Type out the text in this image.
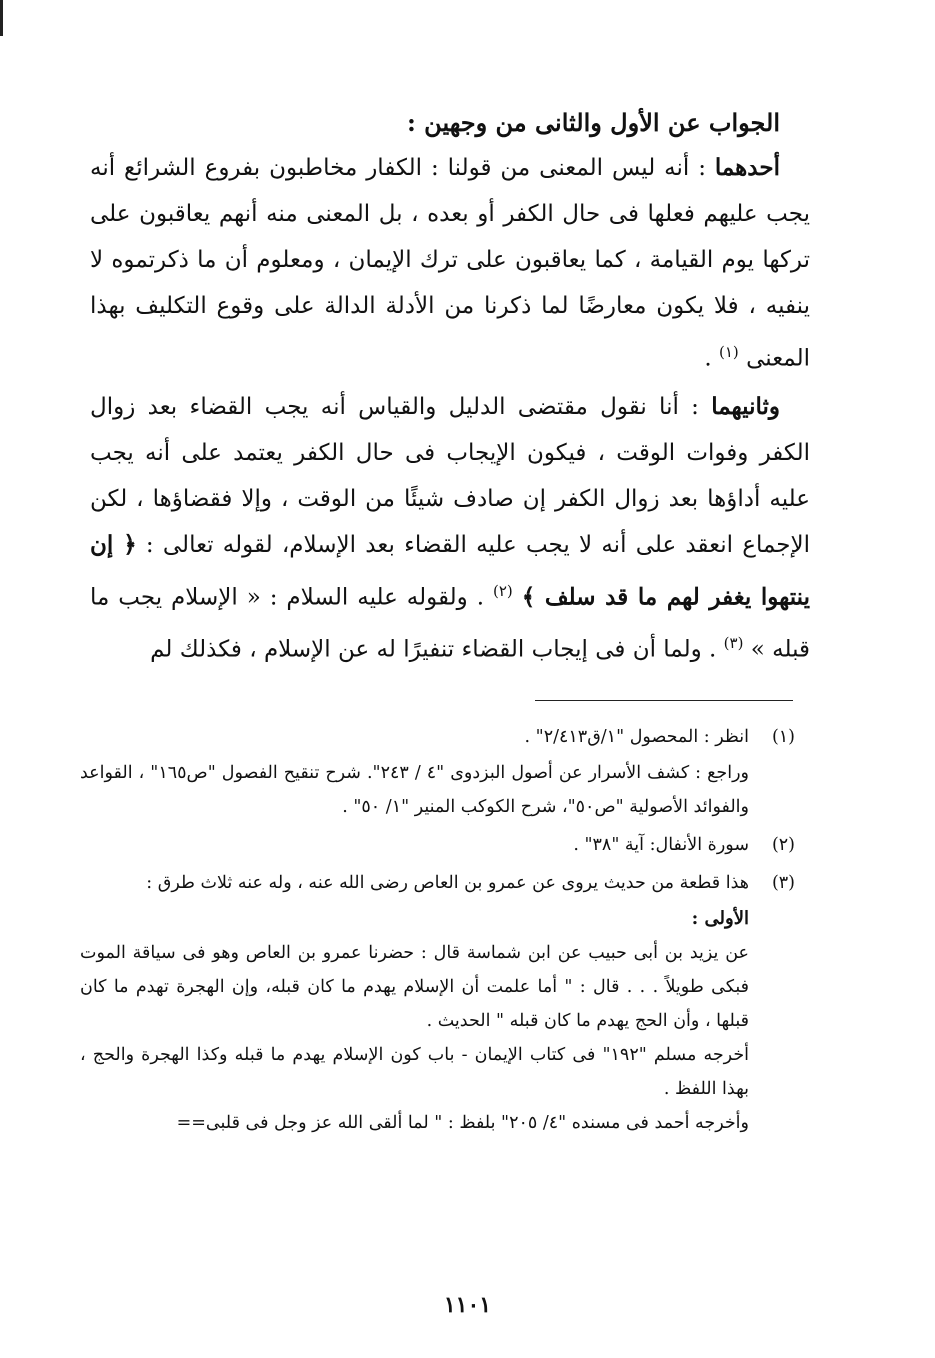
الجواب عن الأول والثانى من وجهين :

أحدهما : أنه ليس المعنى من قولنا : الكفار مخاطبون بفروع الشرائع أنه يجب عليهم فعلها فى حال الكفر أو بعده ، بل المعنى منه أنهم يعاقبون على تركها يوم القيامة ، كما يعاقبون على ترك الإيمان ، ومعلوم أن ما ذكرتموه لا ينفيه ، فلا يكون معارضًا لما ذكرنا من الأدلة الدالة على وقوع التكليف بهذا المعنى $^{(١)}$ .

وثانيهما : أنا نقول مقتضى الدليل والقياس أنه يجب القضاء بعد زوال الكفر وفوات الوقت ، فيكون الإيجاب فى حال الكفر يعتمد على أنه يجب عليه أداؤها بعد زوال الكفر إن صادف شيئًا من الوقت ، وإلا فقضاؤها ، لكن الإجماع انعقد على أنه لا يجب عليه القضاء بعد الإسلام، لقوله تعالى : ﴿ إن ينتهوا يغفر لهم ما قد سلف ﴾ $^{(٢)}$ . ولقوله عليه السلام : « الإسلام يجب ما قبله » $^{(٣)}$ . ولما أن فى إيجاب القضاء تنفيرًا له عن الإسلام ، فكذلك لم

(١)
انظر : المحصول "١/ق٢/٤١٣" .

وراجع : كشف الأسرار عن أصول البزدوى "٤ / ٢٤٣". شرح تنقيح الفصول "ص١٦٥" ، القواعد والفوائد الأصولية "ص٥٠"، شرح الكوكب المنير "١/ ٥٠" .

(٢)
سورة الأنفال: آية "٣٨" .
(٣)
هذا قطعة من حديث يروى عن عمرو بن العاص رضى الله عنه ، وله عنه ثلاث طرق :

الأولى :

عن يزيد بن أبى حبيب عن ابن شماسة قال : حضرنا عمرو بن العاص وهو فى سياقة الموت فبكى طويلاً . . . قال : " أما علمت أن الإسلام يهدم ما كان قبله، وإن الهجرة تهدم ما كان قبلها ، وأن الحج يهدم ما كان قبله " الحديث .

أخرجه مسلم "١٩٢" فى كتاب الإيمان - باب كون الإسلام يهدم ما قبله وكذا الهجرة والحج ، بهذا اللفظ .

وأخرجه أحمد فى مسنده "٤/ ٢٠٥" بلفظ : " لما ألقى الله عز وجل فى قلبى==

١١٠١
